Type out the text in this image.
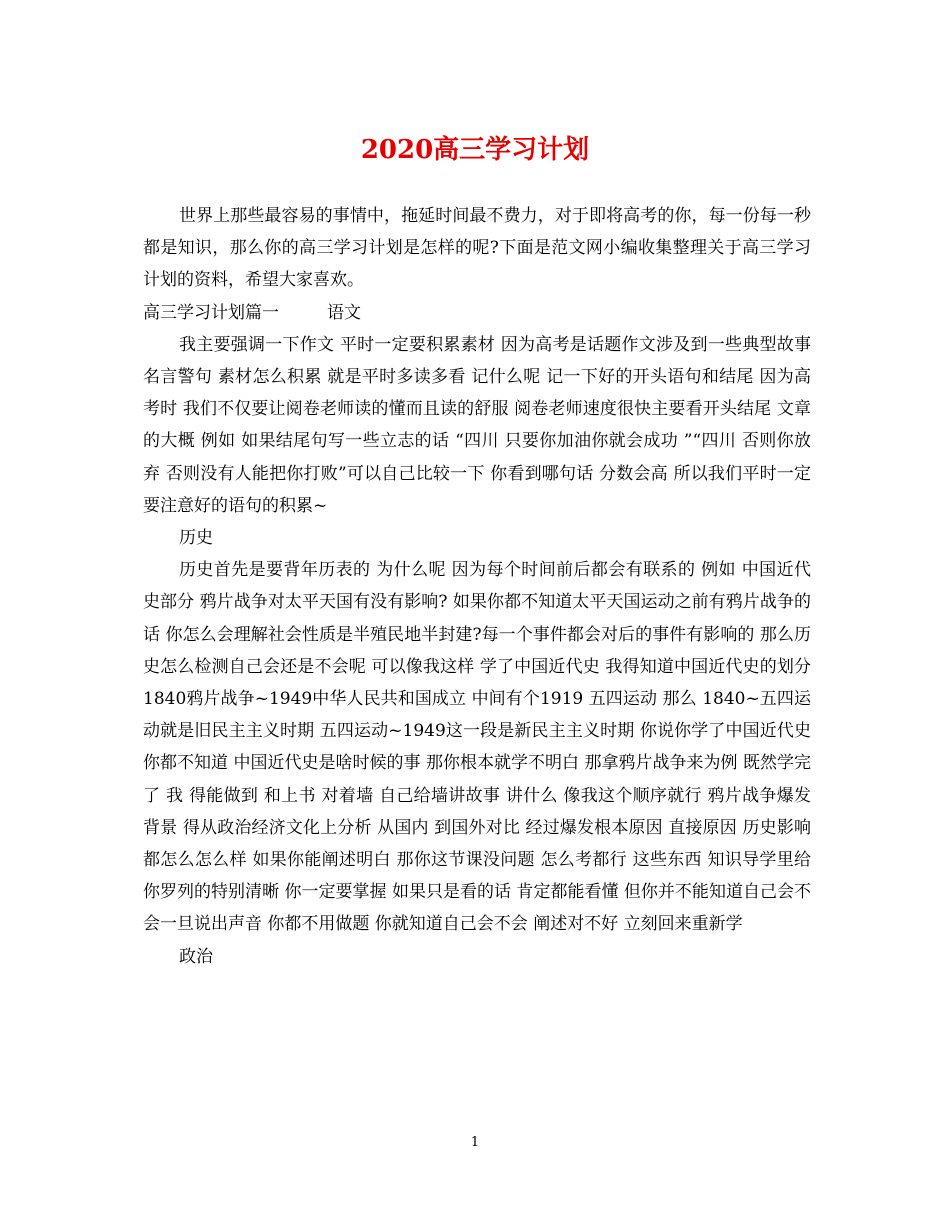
2020高三学习计划

世界上那些最容易的事情中，拖延时间最不费力，对于即将高考的你，每一份每一秒都是知识，那么你的高三学习计划是怎样的呢?下面是范文网小编收集整理关于高三学习计划的资料，希望大家喜欢。

高三学习计划篇一	语文

我主要强调一下作文 平时一定要积累素材 因为高考是话题作文涉及到一些典型故事 名言警句 素材怎么积累 就是平时多读多看 记什么呢 记一下好的开头语句和结尾 因为高考时 我们不仅要让阅卷老师读的懂而且读的舒服 阅卷老师速度很快主要看开头结尾 文章的大概 例如 如果结尾句写一些立志的话 “四川 只要你加油你就会成功 ”“四川 否则你放弃 否则没有人能把你打败”可以自己比较一下 你看到哪句话 分数会高 所以我们平时一定要注意好的语句的积累~

历史

历史首先是要背年历表的 为什么呢 因为每个时间前后都会有联系的 例如 中国近代史部分 鸦片战争对太平天国有没有影响? 如果你都不知道太平天国运动之前有鸦片战争的话 你怎么会理解社会性质是半殖民地半封建?每一个事件都会对后的事件有影响的 那么历史怎么检测自己会还是不会呢 可以像我这样 学了中国近代史 我得知道中国近代史的划分 1840鸦片战争~1949中华人民共和国成立 中间有个1919 五四运动 那么 1840~五四运动就是旧民主主义时期 五四运动~1949这一段是新民主主义时期 你说你学了中国近代史 你都不知道 中国近代史是啥时候的事 那你根本就学不明白 那拿鸦片战争来为例 既然学完了 我 得能做到 和上书 对着墙 自己给墙讲故事 讲什么 像我这个顺序就行 鸦片战争爆发背景 得从政治经济文化上分析 从国内 到国外对比 经过爆发根本原因 直接原因 历史影响 都怎么怎么样 如果你能阐述明白 那你这节课没问题 怎么考都行 这些东西 知识导学里给你罗列的特别清晰 你一定要掌握 如果只是看的话 肯定都能看懂 但你并不能知道自己会不会一旦说出声音 你都不用做题 你就知道自己会不会 阐述对不好 立刻回来重新学

政治

1
